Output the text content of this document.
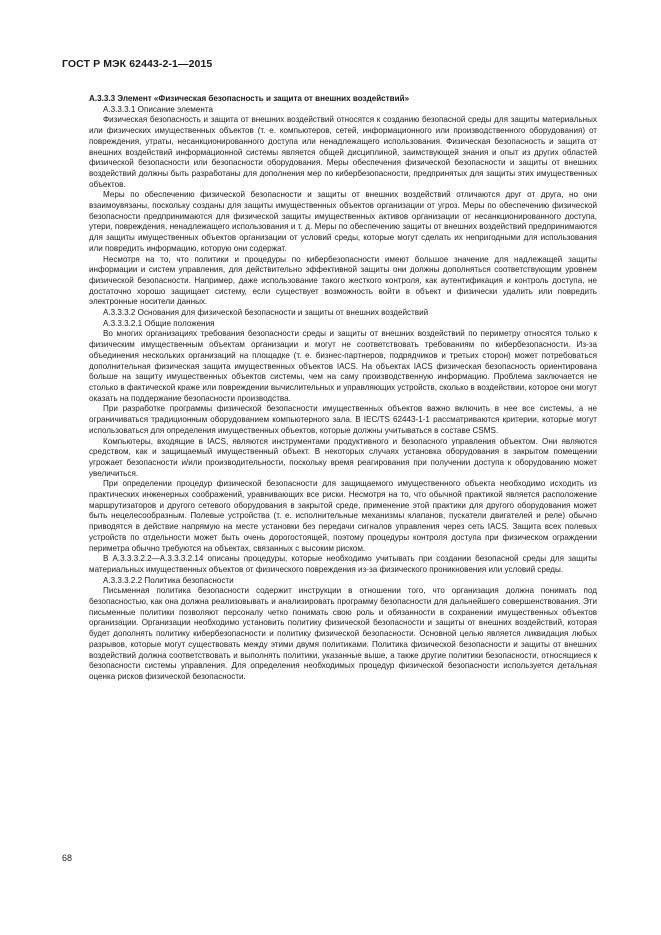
ГОСТ Р МЭК 62443-2-1—2015

A.3.3.3 Элемент «Физическая безопасность и защита от внешних воздействий»

A.3.3.3.1 Описание элемента

Физическая безопасность и защита от внешних воздействий относятся к созданию безопасной среды для защиты материальных или физических имущественных объектов (т. е. компьютеров, сетей, информационного или производственного оборудования) от повреждения, утраты, несанкционированного доступа или ненадлежащего использования. Физическая безопасность и защита от внешних воздействий информационной системы является общей дисциплиной, заимствующей знания и опыт из других областей физической безопасности или безопасности оборудования. Меры обеспечения физической безопасности и защиты от внешних воздействий должны быть разработаны для дополнения мер по кибербезопасности, предпринятых для защиты этих имущественных объектов.

Меры по обеспечению физической безопасности и защиты от внешних воздействий отличаются друг от друга, но они взаимоувязаны, поскольку созданы для защиты имущественных объектов организации от угроз. Меры по обеспечению физической безопасности предпринимаются для физической защиты имущественных активов организации от несанкционированного доступа, утери, повреждения, ненадлежащего использования и т. д. Меры по обеспечению защиты от внешних воздействий предпринимаются для защиты имущественных объектов организации от условий среды, которые могут сделать их непригодными для использования или повредить информацию, которую они содержат.

Несмотря на то, что политики и процедуры по кибербезопасности имеют большое значение для надлежащей защиты информации и систем управления, для действительно эффективной защиты они должны дополняться соответствующим уровнем физической безопасности. Например, даже использование такого жесткого контроля, как аутентификация и контроль доступа, не достаточно хорошо защищает систему, если существует возможность войти в объект и физически удалить или повредить электронные носители данных.

A.3.3.3.2 Основания для физической безопасности и защиты от внешних воздействий

A.3.3.3.2.1 Общие положения

Во многих организациях требования безопасности среды и защиты от внешних воздействий по периметру относятся только к физическим имущественным объектам организации и могут не соответствовать требованиям по кибербезопасности. Из-за объединения нескольких организаций на площадке (т. е. бизнес-партнеров, подрядчиков и третьих сторон) может потребоваться дополнительная физическая защита имущественных объектов IACS. На объектах IACS физическая безопасность ориентирована больше на защиту имущественных объектов системы, чем на саму производственную информацию. Проблема заключается не столько в фактической краже или повреждении вычислительных и управляющих устройств, сколько в воздействии, которое они могут оказать на поддержание безопасности производства.

При разработке программы физической безопасности имущественных объектов важно включить в нее все системы, а не ограничиваться традиционным оборудованием компьютерного зала. В IEC/TS 62443-1-1 рассматриваются критерии, которые могут использоваться для определения имущественных объектов, которые должны учитываться в составе CSMS.

Компьютеры, входящие в IACS, являются инструментами продуктивного и безопасного управления объектом. Они являются средством, как и защищаемый имущественный объект. В некоторых случаях установка оборудования в закрытом помещении угрожает безопасности и/или производительности, поскольку время реагирования при получении доступа к оборудованию может увеличиться.

При определении процедур физической безопасности для защищаемого имущественного объекта необходимо исходить из практических инженерных соображений, уравнивающих все риски. Несмотря на то, что обычной практикой является расположение маршрутизаторов и другого сетевого оборудования в закрытой среде, применение этой практики для другого оборудования может быть нецелесообразным. Полевые устройства (т. е. исполнительные механизмы клапанов, пускатели двигателей и реле) обычно приводятся в действие напрямую на месте установки без передачи сигналов управления через сеть IACS. Защита всех полевых устройств по отдельности может быть очень дорогостоящей, поэтому процедуры контроля доступа при физическом ограждении периметра обычно требуются на объектах, связанных с высоким риском.

В A.3.3.3.2.2—A.3.3.3.2.14 описаны процедуры, которые необходимо учитывать при создании безопасной среды для защиты материальных имущественных объектов от физического повреждения из-за физического проникновения или условий среды.

A.3.3.3.2.2 Политика безопасности

Письменная политика безопасности содержит инструкции в отношении того, что организация должна понимать под безопасностью, как она должна реализовывать и анализировать программу безопасности для дальнейшего совершенствования. Эти письменные политики позволяют персоналу четко понимать свою роль и обязанности в сохранении имущественных объектов организации. Организации необходимо установить политику физической безопасности и защиты от внешних воздействий, которая будет дополнять политику кибербезопасности и политику физической безопасности. Основной целью является ликвидация любых разрывов, которые могут существовать между этими двумя политиками. Политика физической безопасности и защиты от внешних воздействий должна соответствовать и выполнять политики, указанные выше, а также другие политики безопасности, относящиеся к безопасности системы управления. Для определения необходимых процедур физической безопасности используется детальная оценка рисков физической безопасности.

68
